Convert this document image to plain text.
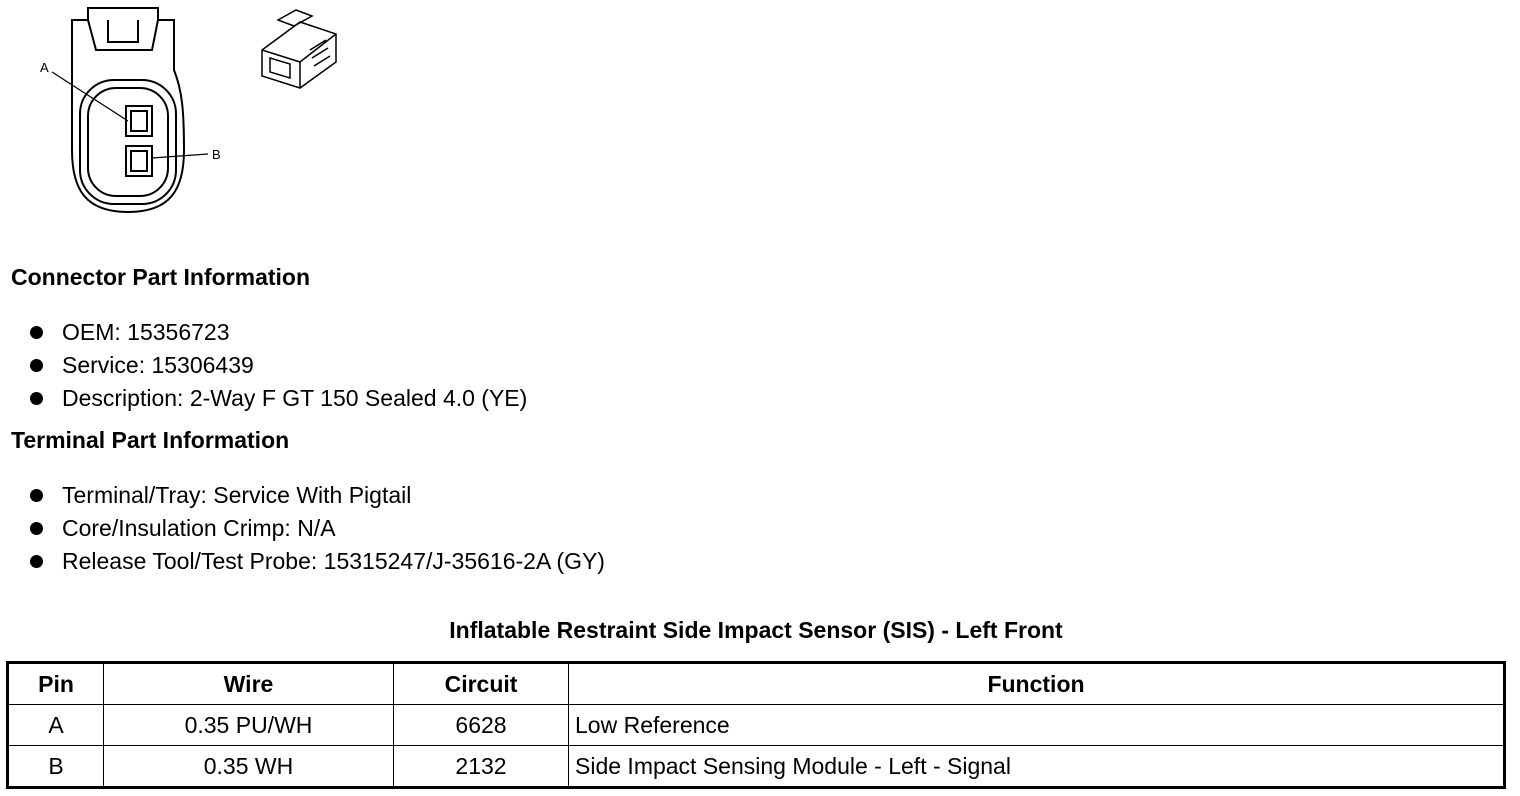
A
B
Connector Part Information
OEM: 15356723
Service: 15306439
Description: 2-Way F GT 150 Sealed 4.0 (YE)
Terminal Part Information
Terminal/Tray: Service With Pigtail
Core/Insulation Crimp: N/A
Release Tool/Test Probe: 15315247/J-35616-2A (GY)
Inflatable Restraint Side Impact Sensor (SIS) - Left Front
Pin	Wire	Circuit	Function
A	0.35 PU/WH	6628	Low Reference
B	0.35 WH	2132	Side Impact Sensing Module - Left - Signal
